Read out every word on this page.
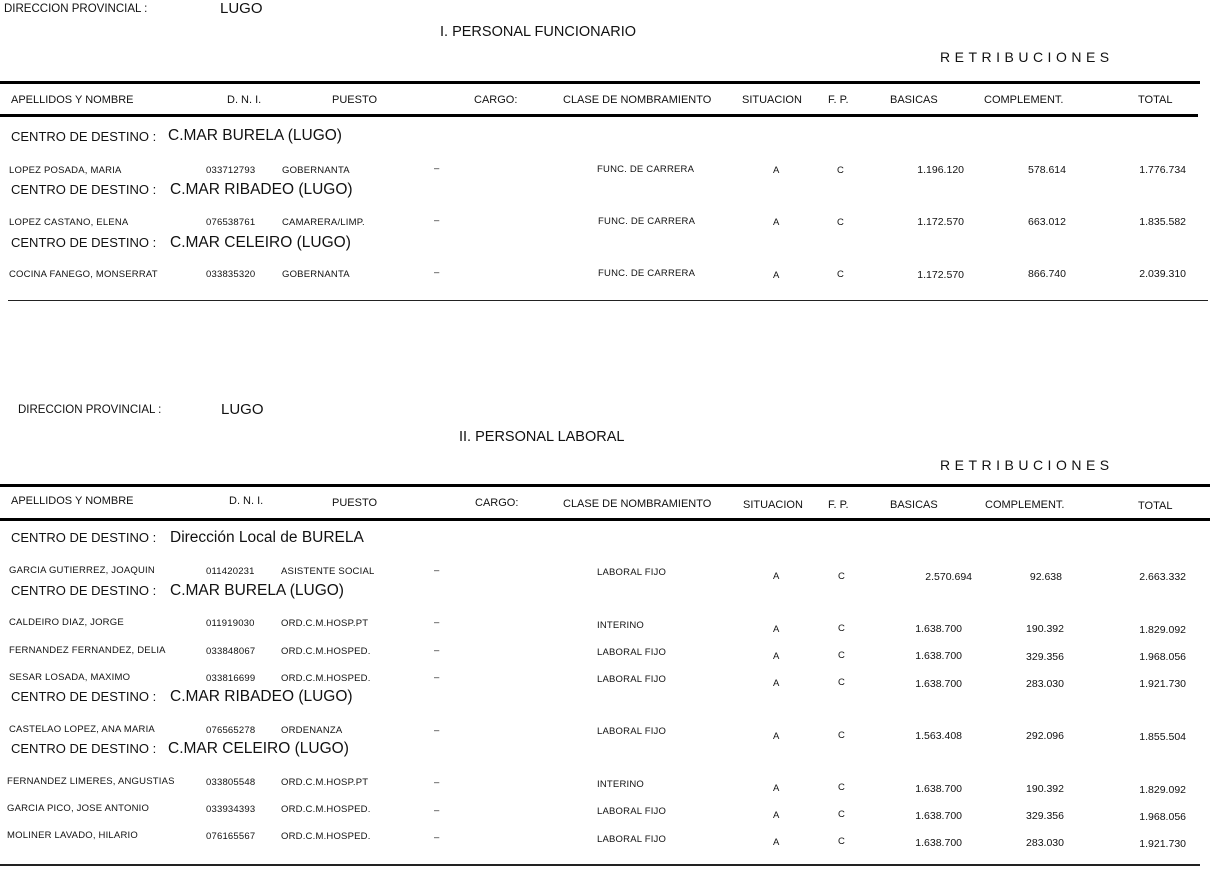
DIRECCION PROVINCIAL :	LUGO
I. PERSONAL FUNCIONARIO
RETRIBUCIONES
APELLIDOS Y NOMBRE	D. N. I.	PUESTO	CARGO:	CLASE DE NOMBRAMIENTO	SITUACION F. P.	BASICAS	COMPLEMENT.	TOTAL
CENTRO DE DESTINO : C.MAR BURELA (LUGO)
LOPEZ POSADA, MARIA	033712793	GOBERNANTA	–	FUNC. DE CARRERA	A	C	1.196.120	578.614	1.776.734
CENTRO DE DESTINO : C.MAR RIBADEO (LUGO)
LOPEZ CASTANO, ELENA	076538761	CAMARERA/LIMP.	–	FUNC. DE CARRERA	A	C	1.172.570	663.012	1.835.582
CENTRO DE DESTINO : C.MAR CELEIRO (LUGO)
COCINA FANEGO, MONSERRAT	033835320	GOBERNANTA	–	FUNC. DE CARRERA	A	C	1.172.570	866.740	2.039.310
DIRECCION PROVINCIAL :	LUGO
II. PERSONAL LABORAL
RETRIBUCIONES
APELLIDOS Y NOMBRE	D. N. I.	PUESTO	CARGO:	CLASE DE NOMBRAMIENTO	SITUACION F. P.	BASICAS	COMPLEMENT.	TOTAL
CENTRO DE DESTINO : Dirección Local de BURELA
GARCIA GUTIERREZ, JOAQUIN	011420231	ASISTENTE SOCIAL	–	LABORAL FIJO	A	C	2.570.694	92.638	2.663.332
CENTRO DE DESTINO : C.MAR BURELA (LUGO)
CALDEIRO DIAZ, JORGE	011919030	ORD.C.M.HOSP.PT	–	INTERINO	A	C	1.638.700	190.392	1.829.092
FERNANDEZ FERNANDEZ, DELIA	033848067	ORD.C.M.HOSPED.	–	LABORAL FIJO	A	C	1.638.700	329.356	1.968.056
SESAR LOSADA, MAXIMO	033816699	ORD.C.M.HOSPED.	–	LABORAL FIJO	A	C	1.638.700	283.030	1.921.730
CENTRO DE DESTINO : C.MAR RIBADEO (LUGO)
CASTELAO LOPEZ, ANA MARIA	076565278	ORDENANZA	–	LABORAL FIJO	A	C	1.563.408	292.096	1.855.504
CENTRO DE DESTINO : C.MAR CELEIRO (LUGO)
FERNANDEZ LIMERES, ANGUSTIAS	033805548	ORD.C.M.HOSP.PT	–	INTERINO	A	C	1.638.700	190.392	1.829.092
GARCIA PICO, JOSE ANTONIO	033934393	ORD.C.M.HOSPED.	–	LABORAL FIJO	A	C	1.638.700	329.356	1.968.056
MOLINER LAVADO, HILARIO	076165567	ORD.C.M.HOSPED.	–	LABORAL FIJO	A	C	1.638.700	283.030	1.921.730
